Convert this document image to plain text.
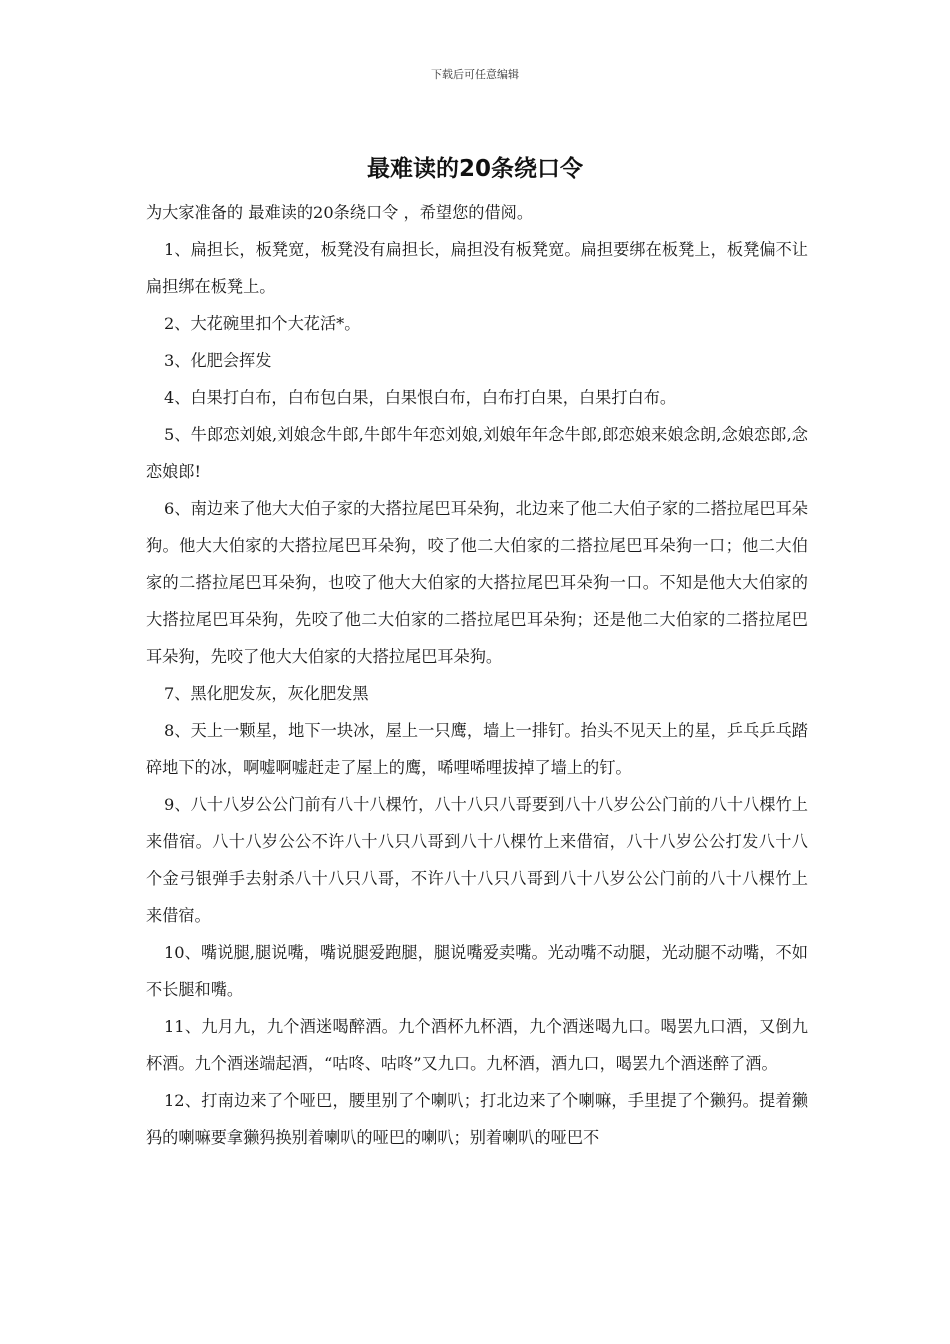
下载后可任意编辑
最难读的20条绕口令

为大家准备的 最难读的20条绕口令 ，希望您的借阅。

1、扁担长，板凳宽，板凳没有扁担长，扁担没有板凳宽。扁担要绑在板凳上，板凳偏不让扁担绑在板凳上。

2、大花碗里扣个大花活*。

3、化肥会挥发

4、白果打白布，白布包白果，白果恨白布，白布打白果，白果打白布。

5、牛郎恋刘娘,刘娘念牛郎,牛郎牛年恋刘娘,刘娘年年念牛郎,郎恋娘来娘念朗,念娘恋郎,念恋娘郎!

6、南边来了他大大伯子家的大搭拉尾巴耳朵狗，北边来了他二大伯子家的二搭拉尾巴耳朵狗。他大大伯家的大搭拉尾巴耳朵狗，咬了他二大伯家的二搭拉尾巴耳朵狗一口；他二大伯家的二搭拉尾巴耳朵狗，也咬了他大大伯家的大搭拉尾巴耳朵狗一口。不知是他大大伯家的大搭拉尾巴耳朵狗，先咬了他二大伯家的二搭拉尾巴耳朵狗；还是他二大伯家的二搭拉尾巴耳朵狗，先咬了他大大伯家的大搭拉尾巴耳朵狗。

7、黑化肥发灰，灰化肥发黑

8、天上一颗星，地下一块冰，屋上一只鹰，墙上一排钉。抬头不见天上的星，乒乓乒乓踏碎地下的冰，啊嘘啊嘘赶走了屋上的鹰，唏哩唏哩拔掉了墙上的钉。

9、八十八岁公公门前有八十八棵竹，八十八只八哥要到八十八岁公公门前的八十八棵竹上来借宿。八十八岁公公不许八十八只八哥到八十八棵竹上来借宿，八十八岁公公打发八十八个金弓银弹手去射杀八十八只八哥，不许八十八只八哥到八十八岁公公门前的八十八棵竹上来借宿。

10、嘴说腿,腿说嘴，嘴说腿爱跑腿，腿说嘴爱卖嘴。光动嘴不动腿，光动腿不动嘴，不如不长腿和嘴。

11、九月九，九个酒迷喝醉酒。九个酒杯九杯酒，九个酒迷喝九口。喝罢九口酒，又倒九杯酒。九个酒迷端起酒，“咕咚、咕咚”又九口。九杯酒，酒九口，喝罢九个酒迷醉了酒。

12、打南边来了个哑巴，腰里别了个喇叭；打北边来了个喇嘛，手里提了个獭犸。提着獭犸的喇嘛要拿獭犸换别着喇叭的哑巴的喇叭；别着喇叭的哑巴不
